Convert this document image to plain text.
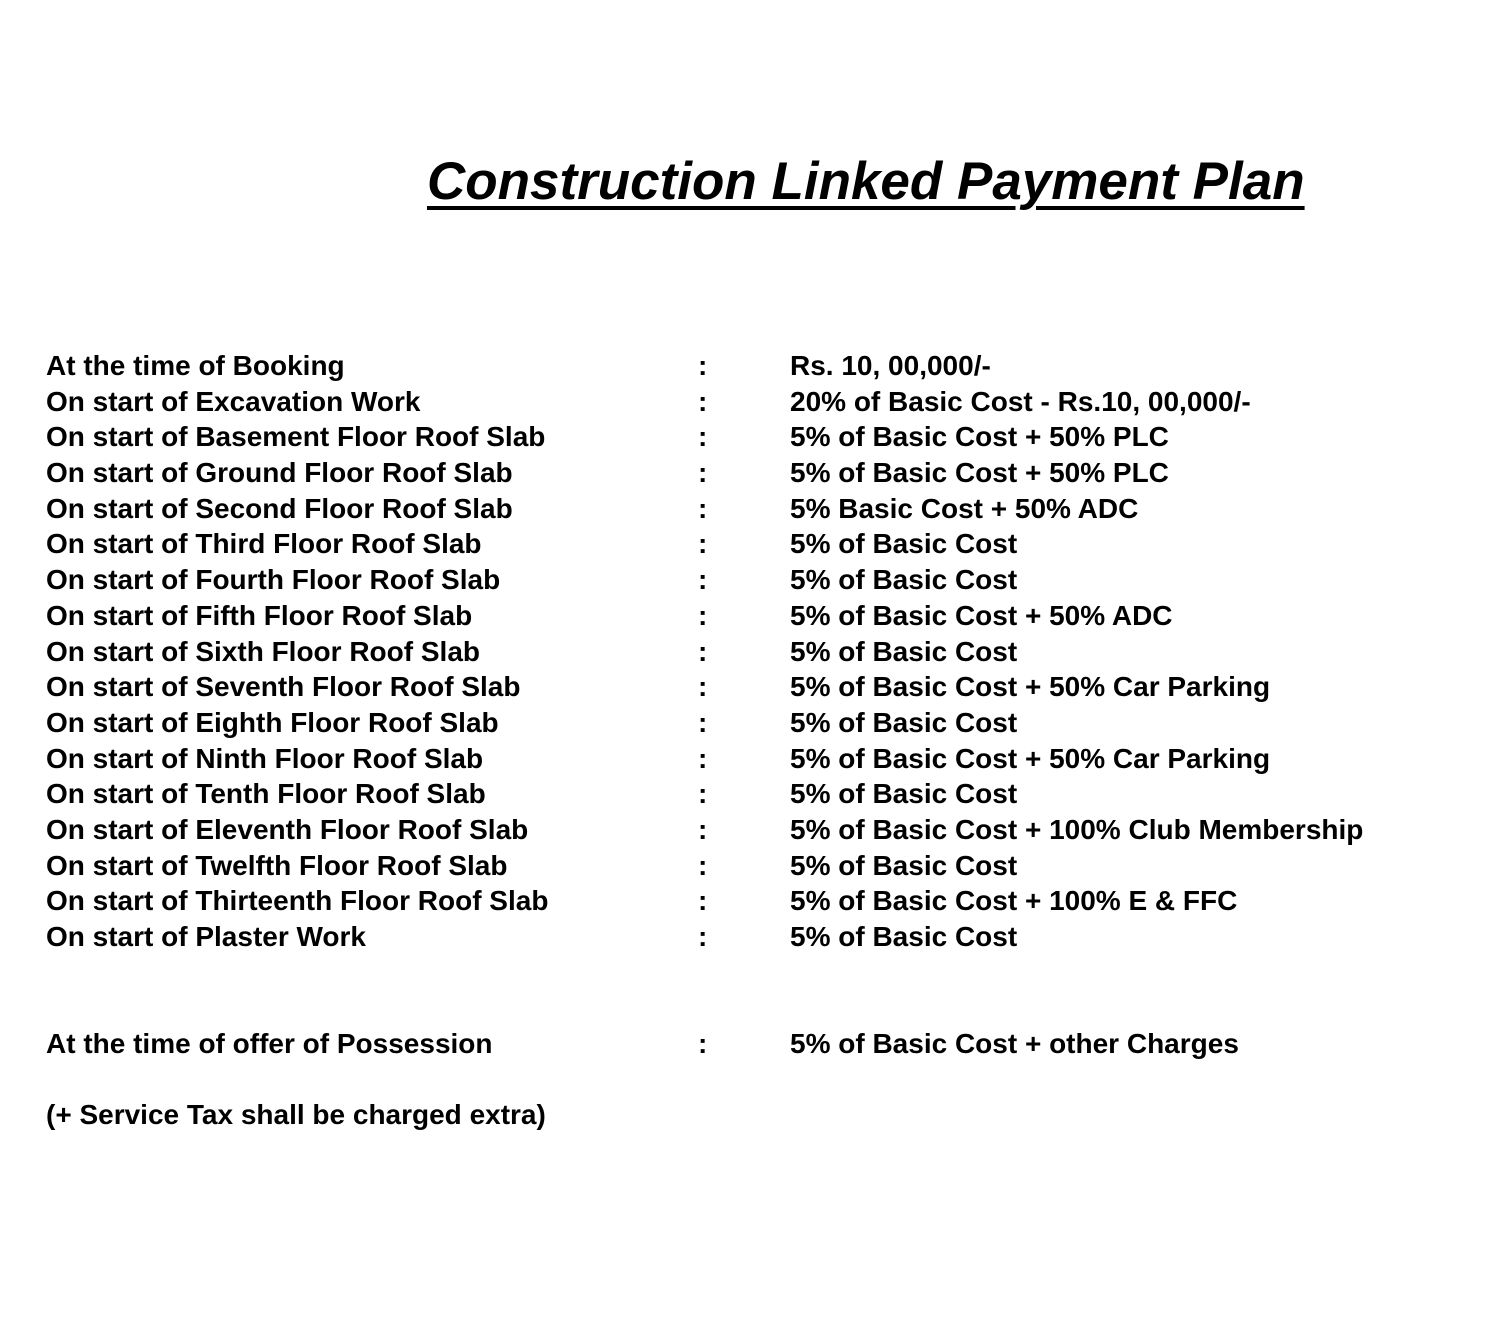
Construction Linked Payment Plan
At the time of Booking	:	Rs. 10, 00,000/-
On start of Excavation Work	:	20% of Basic Cost - Rs.10, 00,000/-
On start of Basement Floor Roof Slab	:	5% of Basic Cost + 50% PLC
On start of Ground Floor Roof Slab	:	5% of Basic Cost + 50% PLC
On start of Second Floor Roof Slab	:	5% Basic Cost + 50% ADC
On start of Third Floor Roof Slab	:	5% of Basic Cost
On start of Fourth Floor Roof Slab	:	5% of Basic Cost
On start of Fifth Floor Roof Slab	:	5% of Basic Cost + 50% ADC
On start of Sixth Floor Roof Slab	:	5% of Basic Cost
On start of Seventh Floor Roof Slab	:	5% of Basic Cost + 50% Car Parking
On start of Eighth Floor Roof Slab	:	5% of Basic Cost
On start of Ninth Floor Roof Slab	:	5% of Basic Cost + 50% Car Parking
On start of Tenth Floor Roof Slab	:	5% of Basic Cost
On start of Eleventh Floor Roof Slab	:	5% of Basic Cost + 100% Club Membership
On start of Twelfth Floor Roof Slab	:	5% of Basic Cost
On start of Thirteenth Floor Roof Slab	:	5% of Basic Cost + 100% E & FFC
On start of Plaster Work	:	5% of Basic Cost
At the time of offer of Possession	:	5% of Basic Cost + other Charges
(+ Service Tax shall be charged extra)
